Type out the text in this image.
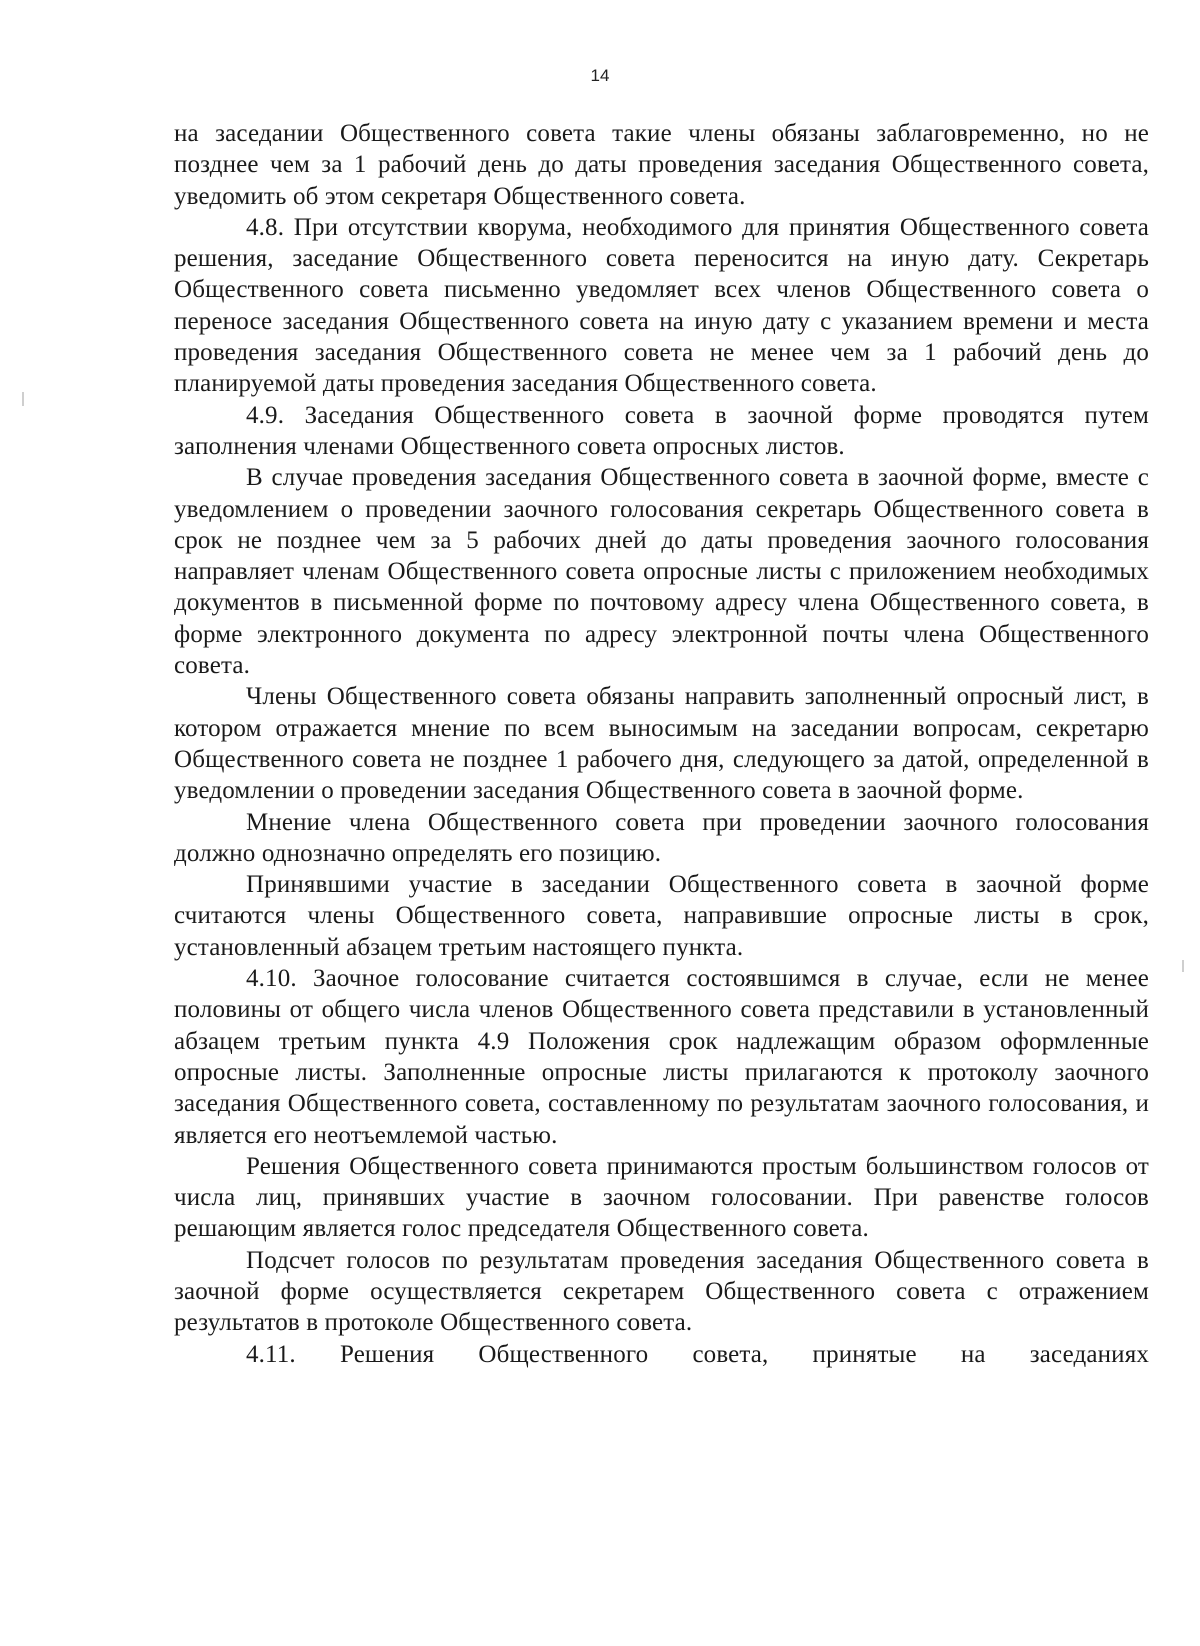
14

на заседании Общественного совета такие члены обязаны заблаговременно, но не позднее чем за 1 рабочий день до даты проведения заседания Общественного совета, уведомить об этом секретаря Общественного совета.

4.8. При отсутствии кворума, необходимого для принятия Общественного совета решения, заседание Общественного совета переносится на иную дату. Секретарь Общественного совета письменно уведомляет всех членов Общественного совета о переносе заседания Общественного совета на иную дату с указанием времени и места проведения заседания Общественного совета не менее чем за 1 рабочий день до планируемой даты проведения заседания Общественного совета.

4.9. Заседания Общественного совета в заочной форме проводятся путем заполнения членами Общественного совета опросных листов.

В случае проведения заседания Общественного совета в заочной форме, вместе с уведомлением о проведении заочного голосования секретарь Общественного совета в срок не позднее чем за 5 рабочих дней до даты проведения заочного голосования направляет членам Общественного совета опросные листы с приложением необходимых документов в письменной форме по почтовому адресу члена Общественного совета, в форме электронного документа по адресу электронной почты члена Общественного совета.

Члены Общественного совета обязаны направить заполненный опросный лист, в котором отражается мнение по всем выносимым на заседании вопросам, секретарю Общественного совета не позднее 1 рабочего дня, следующего за датой, определенной в уведомлении о проведении заседания Общественного совета в заочной форме.

Мнение члена Общественного совета при проведении заочного голосования должно однозначно определять его позицию.

Принявшими участие в заседании Общественного совета в заочной форме считаются члены Общественного совета, направившие опросные листы в срок, установленный абзацем третьим настоящего пункта.

4.10. Заочное голосование считается состоявшимся в случае, если не менее половины от общего числа членов Общественного совета представили в установленный абзацем третьим пункта 4.9 Положения срок надлежащим образом оформленные опросные листы. Заполненные опросные листы прилагаются к протоколу заочного заседания Общественного совета, составленному по результатам заочного голосования, и является его неотъемлемой частью.

Решения Общественного совета принимаются простым большинством голосов от числа лиц, принявших участие в заочном голосовании. При равенстве голосов решающим является голос председателя Общественного совета.

Подсчет голосов по результатам проведения заседания Общественного совета в заочной форме осуществляется секретарем Общественного совета с отражением результатов в протоколе Общественного совета.

4.11. Решения Общественного совета, принятые на заседаниях
